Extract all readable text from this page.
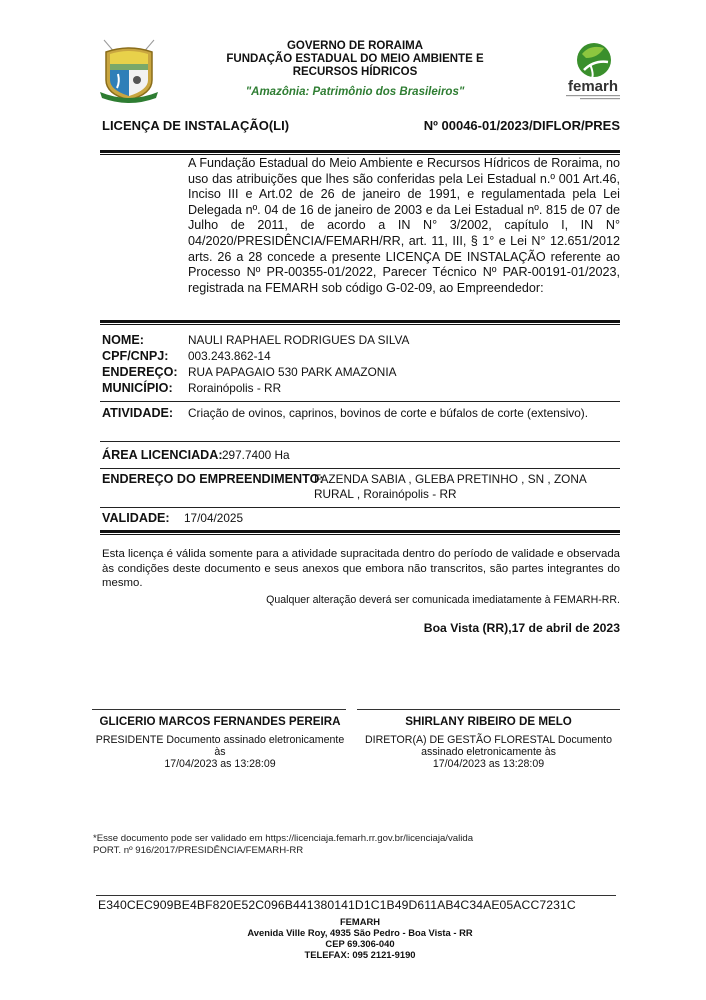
GOVERNO DE RORAIMA
FUNDAÇÃO ESTADUAL DO MEIO AMBIENTE E
RECURSOS HÍDRICOS
"Amazônia: Patrimônio dos Brasileiros"	femarh
LICENÇA DE INSTALAÇÃO(LI)	Nº 00046-01/2023/DIFLOR/PRES
A Fundação Estadual do Meio Ambiente e Recursos Hídricos de Roraima, no uso das atribuições que lhes são conferidas pela Lei Estadual n.º 001 Art.46, Inciso III e Art.02 de 26 de janeiro de 1991, e regulamentada pela Lei Delegada nº. 04 de 16 de janeiro de 2003 e da Lei Estadual nº. 815 de 07 de Julho de 2011, de acordo a IN N° 3/2002, capítulo I, IN N° 04/2020/PRESIDÊNCIA/FEMARH/RR, art. 11, III, § 1° e Lei N° 12.651/2012 arts. 26 a 28 concede a presente LICENÇA DE INSTALAÇÃO referente ao Processo Nº PR-00355-01/2022, Parecer Técnico Nº PAR-00191-01/2023, registrada na FEMARH sob código G-02-09, ao Empreendedor:
NOME:	NAULI RAPHAEL RODRIGUES DA SILVA
CPF/CNPJ: 003.243.862-14
ENDEREÇO: RUA PAPAGAIO 530 PARK AMAZONIA
MUNICÍPIO: Rorainópolis - RR
ATIVIDADE: Criação de ovinos, caprinos, bovinos de corte e búfalos de corte (extensivo).
ÁREA LICENCIADA: 297.7400 Ha
ENDEREÇO DO EMPREENDIMENTO:
FAZENDA SABIA , GLEBA PRETINHO , SN , ZONA
RURAL , Rorainópolis - RR
VALIDADE: 17/04/2025
Esta licença é válida somente para a atividade supracitada dentro do período de validade e observada às condições deste documento e seus anexos que embora não transcritos, são partes integrantes do mesmo.
Qualquer alteração deverá ser comunicada imediatamente à FEMARH-RR.
Boa Vista (RR),17 de abril de 2023
GLICERIO MARCOS FERNANDES PEREIRA
PRESIDENTE Documento assinado eletronicamente
às
17/04/2023 as 13:28:09
SHIRLANY RIBEIRO DE MELO
DIRETOR(A) DE GESTÃO FLORESTAL Documento
assinado eletronicamente às
17/04/2023 as 13:28:09
*Esse documento pode ser validado em https://licenciaja.femarh.rr.gov.br/licenciaja/valida
PORT. nº 916/2017/PRESIDÊNCIA/FEMARH-RR
E340CEC909BE4BF820E52C096B441380141D1C1B49D611AB4C34AE05ACC7231C
FEMARH
Avenida Ville Roy, 4935 São Pedro - Boa Vista - RR
CEP 69.306-040
TELEFAX: 095 2121-9190
